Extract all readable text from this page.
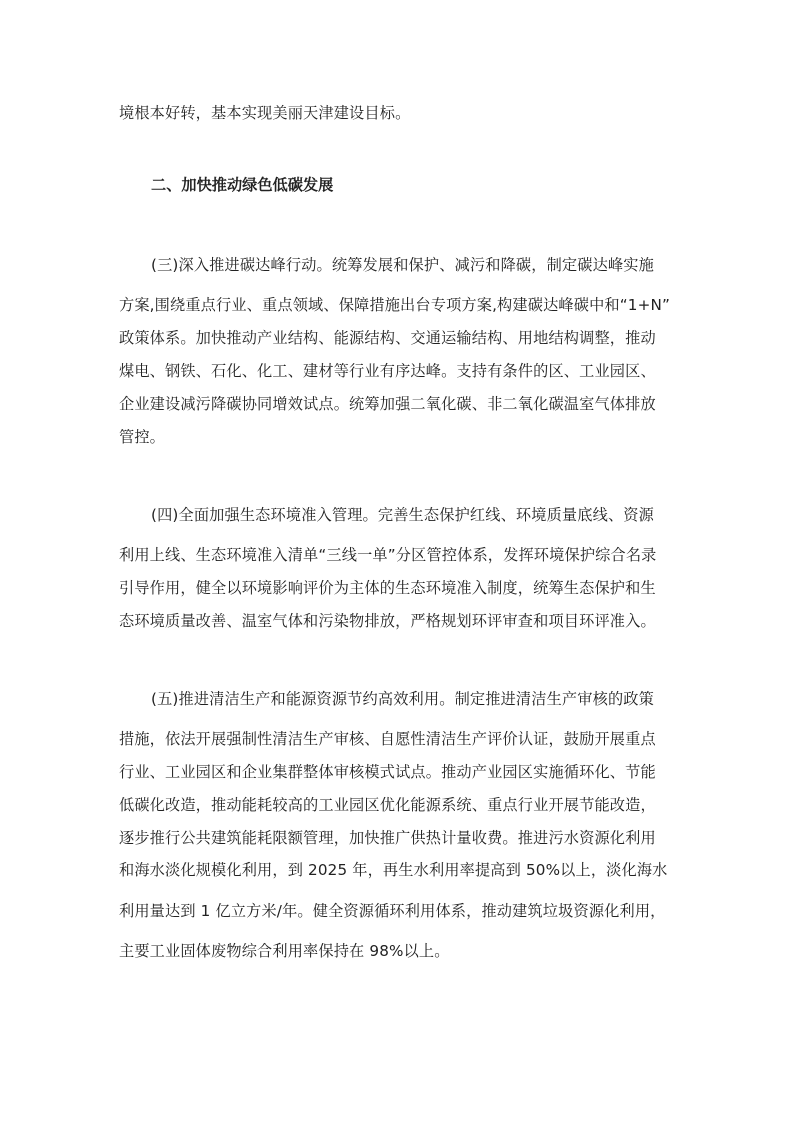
境根本好转，基本实现美丽天津建设目标。
二、加快推动绿色低碳发展
(三)深入推进碳达峰行动。统筹发展和保护、减污和降碳，制定碳达峰实施
方案,围绕重点行业、重点领域、保障措施出台专项方案,构建碳达峰碳中和“1+N”
政策体系。加快推动产业结构、能源结构、交通运输结构、用地结构调整，推动
煤电、钢铁、石化、化工、建材等行业有序达峰。支持有条件的区、工业园区、
企业建设减污降碳协同增效试点。统筹加强二氧化碳、非二氧化碳温室气体排放
管控。
(四)全面加强生态环境准入管理。完善生态保护红线、环境质量底线、资源
利用上线、生态环境准入清单“三线一单”分区管控体系，发挥环境保护综合名录
引导作用，健全以环境影响评价为主体的生态环境准入制度，统筹生态保护和生
态环境质量改善、温室气体和污染物排放，严格规划环评审查和项目环评准入。
(五)推进清洁生产和能源资源节约高效利用。制定推进清洁生产审核的政策
措施，依法开展强制性清洁生产审核、自愿性清洁生产评价认证，鼓励开展重点
行业、工业园区和企业集群整体审核模式试点。推动产业园区实施循环化、节能
低碳化改造，推动能耗较高的工业园区优化能源系统、重点行业开展节能改造，
逐步推行公共建筑能耗限额管理，加快推广供热计量收费。推进污水资源化利用
和海水淡化规模化利用，到 2025 年，再生水利用率提高到 50%以上，淡化海水
利用量达到 1 亿立方米/年。健全资源循环利用体系，推动建筑垃圾资源化利用，
主要工业固体废物综合利用率保持在 98%以上。
